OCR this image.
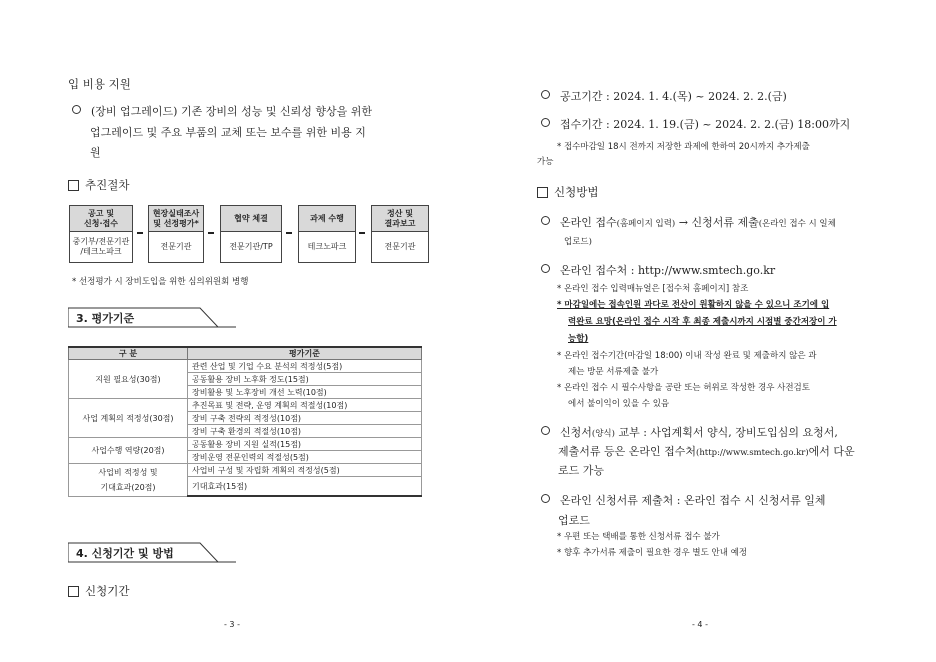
입 비용 지원
(장비 업그레이드) 기존 장비의 성능 및 신뢰성 향상을 위한
업그레이드 및 주요 부품의 교체 또는 보수를 위한 비용 지
원
추진절차
공고 및
신청·접수
중기부/전문기관
/테크노파크
현장실태조사
및 선정평가*
전문기관
협약 체결
전문기관/TP
과제 수행
테크노파크
정산 및
결과보고
전문기관
* 선정평가 시 장비도입을 위한 심의위원회 병행
3. 평가기준
구 분	평가기준
지원 필요성(30점)	관련 산업 및 기업 수요 분석의 적정성(5점)
	공동활용 장비 노후화 정도(15점)
	장비활용 및 노후장비 개선 노력(10점)
사업 계획의 적정성(30점)	추진목표 및 전략, 운영 계획의 적절성(10점)
	장비 구축 전략의 적정성(10점)
	장비 구축 환경의 적절성(10점)
사업수행 역량(20점)	공동활용 장비 지원 실적(15점)
	장비운영 전문인력의 적절성(5점)
사업비 적정성 및
기대효과(20점)	사업비 구성 및 자립화 계획의 적정성(5점)
	기대효과(15점)
4. 신청기간 및 방법
신청기간
- 3 -
공고기간 : 2024. 1. 4.(목) ~ 2024. 2. 2.(금)
접수기간 : 2024. 1. 19.(금) ~ 2024. 2. 2.(금) 18:00까지
* 접수마감일 18시 전까지 저장한 과제에 한하여 20시까지 추가제출
가능
신청방법
온라인 접수(홈페이지 입력) → 신청서류 제출(온라인 접수 시 일체
업로드)
온라인 접수처 : http://www.smtech.go.kr
* 온라인 접수 입력매뉴얼은 [접수처 홈페이지] 참조
* 마감일에는 접속인원 과다로 전산이 원활하지 않을 수 있으니 조기에 입
력완료 요망(온라인 접수 시작 후 최종 제출시까지 시점별 중간저장이 가
능함)
* 온라인 접수기간(마감일 18:00) 이내 작성 완료 및 제출하지 않은 과
제는 방문 서류제출 불가
* 온라인 접수 시 필수사항을 공란 또는 허위로 작성한 경우 사전검토
에서 불이익이 있을 수 있음
신청서(양식) 교부 : 사업계획서 양식, 장비도입심의 요청서,
제출서류 등은 온라인 접수처(http://www.smtech.go.kr)에서 다운
로드 가능
온라인 신청서류 제출처 : 온라인 접수 시 신청서류 일체
업로드
* 우편 또는 택배를 통한 신청서류 접수 불가
* 향후 추가서류 제출이 필요한 경우 별도 안내 예정
- 4 -
